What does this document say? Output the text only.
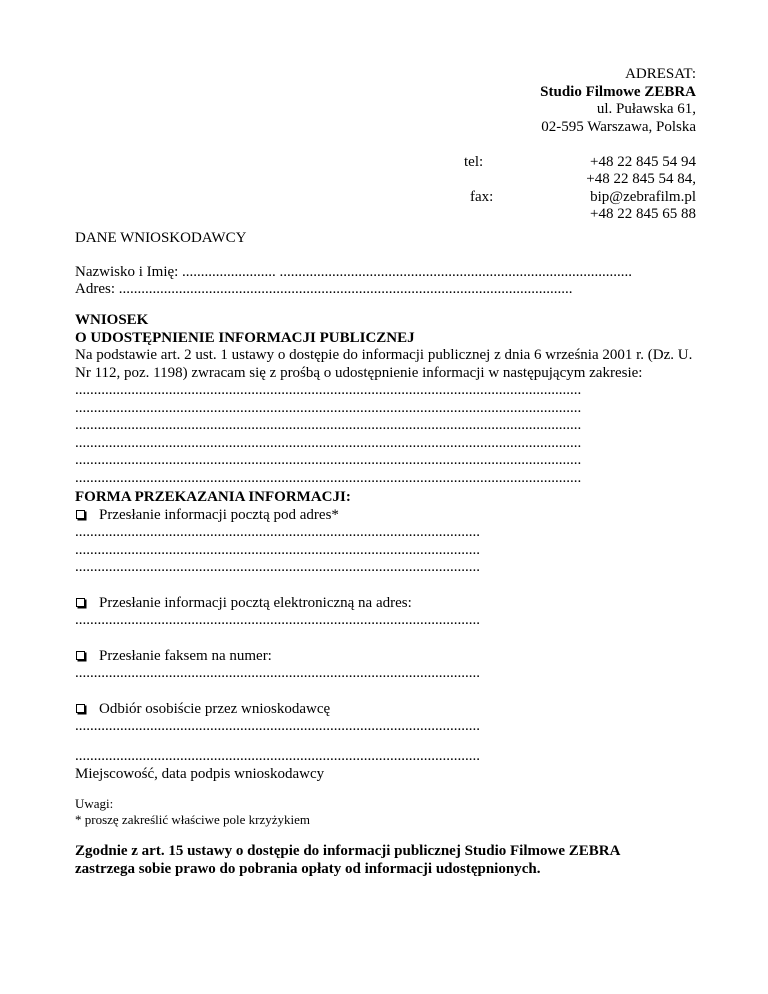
ADRESAT:
Studio Filmowe ZEBRA
ul. Puławska 61,
02-595 Warszawa, Polska

tel:

+48 22 845 54 84,

+48 22 845 54 94

fax:

+48 22 845 65 88

bip@zebrafilm.pl
DANE WNIOSKODAWCY
Nazwisko i Imię: ......................... ..............................................................................................
Adres: .........................................................................................................................
WNIOSEK
O UDOSTĘPNIENIE INFORMACJI PUBLICZNEJ
Na podstawie art. 2 ust. 1 ustawy o dostępie do informacji publicznej z dnia 6 września 2001 r. (Dz. U. Nr 112, poz. 1198) zwracam się z prośbą o udostępnienie informacji w następującym zakresie:
.......................................................................................................................................
.......................................................................................................................................
.......................................................................................................................................
.......................................................................................................................................
.......................................................................................................................................
.......................................................................................................................................
FORMA PRZEKAZANIA INFORMACJI:
Przesłanie informacji pocztą pod adres*
............................................................................................................
............................................................................................................
............................................................................................................
Przesłanie informacji pocztą elektroniczną na adres:
............................................................................................................
Przesłanie faksem na numer:
............................................................................................................
Odbiór osobiście przez wnioskodawcę
............................................................................................................
............................................................................................................
Miejscowość, data podpis wnioskodawcy
Uwagi:
* proszę zakreślić właściwe pole krzyżykiem
Zgodnie z art. 15 ustawy o dostępie do informacji publicznej Studio Filmowe ZEBRA zastrzega sobie prawo do pobrania opłaty od informacji udostępnionych.
